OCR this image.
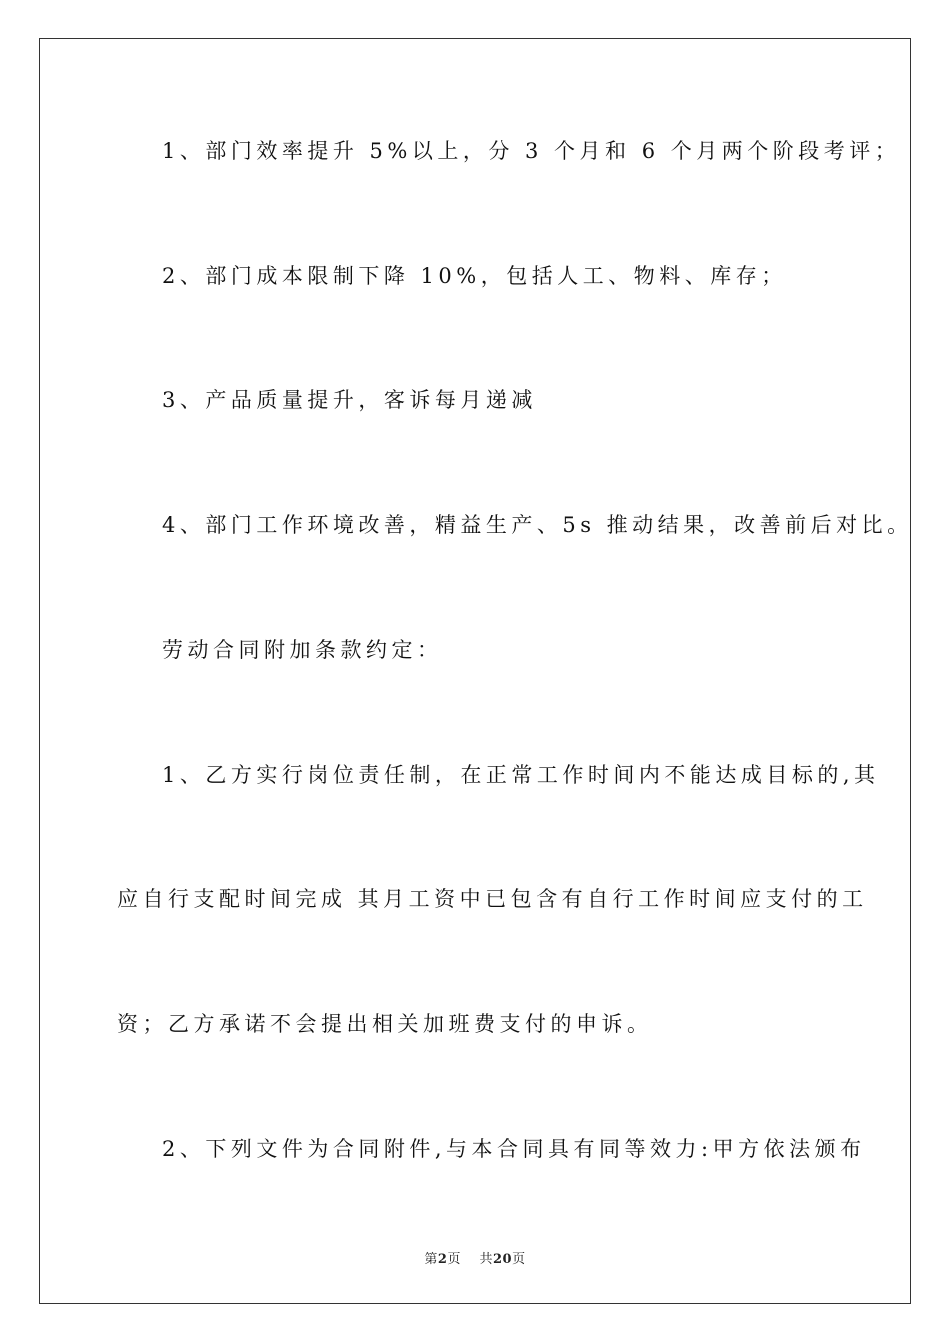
1、部门效率提升 5%以上，分 3 个月和 6 个月两个阶段考评；
2、部门成本限制下降 10%，包括人工、物料、库存；
3、产品质量提升，客诉每月递减
4、部门工作环境改善，精益生产、5s 推动结果，改善前后对比。
劳动合同附加条款约定：
1、乙方实行岗位责任制，在正常工作时间内不能达成目标的,其
应自行支配时间完成 其月工资中已包含有自行工作时间应支付的工
资；乙方承诺不会提出相关加班费支付的申诉。
2、下列文件为合同附件,与本合同具有同等效力:甲方依法颁布
第2页 共20页
